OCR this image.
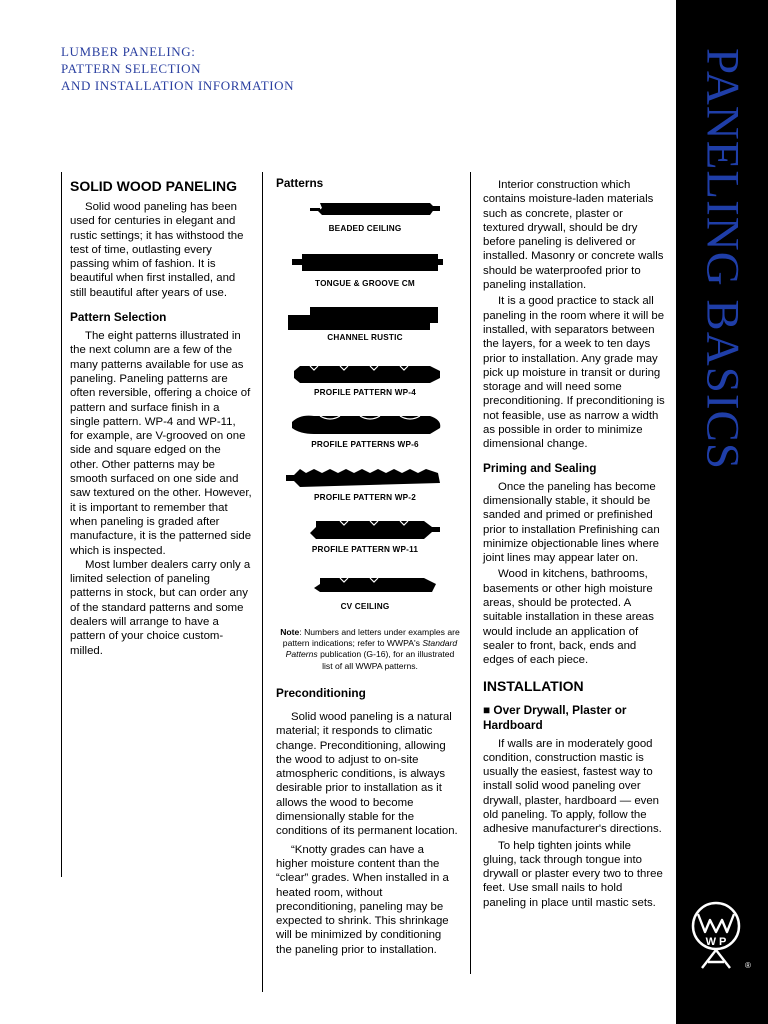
LUMBER PANELING:
PATTERN SELECTION
AND INSTALLATION INFORMATION	PANELING BASICS
W P
®
SOLID WOOD PANELING

Solid wood paneling has been used for centuries in elegant and rustic settings; it has withstood the test of time, outlasting every passing whim of fashion. It is beautiful when first installed, and still beautiful after years of use.

Pattern Selection

The eight patterns illustrated in the next column are a few of the many patterns available for use as paneling. Paneling patterns are often reversible, offering a choice of pattern and surface finish in a single pattern. WP-4 and WP-11, for example, are V-grooved on one side and square edged on the other. Other patterns may be smooth surfaced on one side and saw textured on the other. However, it is important to remember that when paneling is graded after manufacture, it is the patterned side which is inspected.

Most lumber dealers carry only a limited selection of paneling patterns in stock, but can order any of the standard patterns and some dealers will arrange to have a pattern of your choice custom-milled.

Patterns
BEADED CEILING
TONGUE & GROOVE CM
CHANNEL RUSTIC
PROFILE PATTERN WP-4
PROFILE PATTERNS WP-6
PROFILE PATTERN WP-2
PROFILE PATTERN WP-11
CV CEILING
Note: Numbers and letters under examples are pattern indications; refer to WWPA's Standard Patterns publication (G-16), for an illustrated list of all WWPA patterns.
Preconditioning

Solid wood paneling is a natural material; it responds to climatic change. Preconditioning, allowing the wood to adjust to on-site atmospheric conditions, is always desirable prior to installation as it allows the wood to become dimensionally stable for the conditions of its permanent location.

“Knotty grades can have a higher moisture content than the “clear” grades. When installed in a heated room, without preconditioning, paneling may be expected to shrink. This shrinkage will be minimized by conditioning the paneling prior to installation.

Interior construction which contains moisture-laden materials such as concrete, plaster or textured drywall, should be dry before paneling is delivered or installed. Masonry or concrete walls should be waterproofed prior to paneling installation.

It is a good practice to stack all paneling in the room where it will be installed, with separators between the layers, for a week to ten days prior to installation. Any grade may pick up moisture in transit or during storage and will need some preconditioning. If preconditioning is not feasible, use as narrow a width as possible in order to minimize dimensional change.

Priming and Sealing

Once the paneling has become dimensionally stable, it should be sanded and primed or prefinished prior to installation Prefinishing can minimize objectionable lines where joint lines may appear later on.

Wood in kitchens, bathrooms, basements or other high moisture areas, should be protected. A suitable installation in these areas would include an application of sealer to front, back, ends and edges of each piece.

INSTALLATION
■ Over Drywall, Plaster or Hardboard

If walls are in moderately good condition, construction mastic is usually the easiest, fastest way to install solid wood paneling over drywall, plaster, hardboard — even old paneling. To apply, follow the adhesive manufacturer's directions.

To help tighten joints while gluing, tack through tongue into drywall or plaster every two to three feet. Use small nails to hold paneling in place until mastic sets.
